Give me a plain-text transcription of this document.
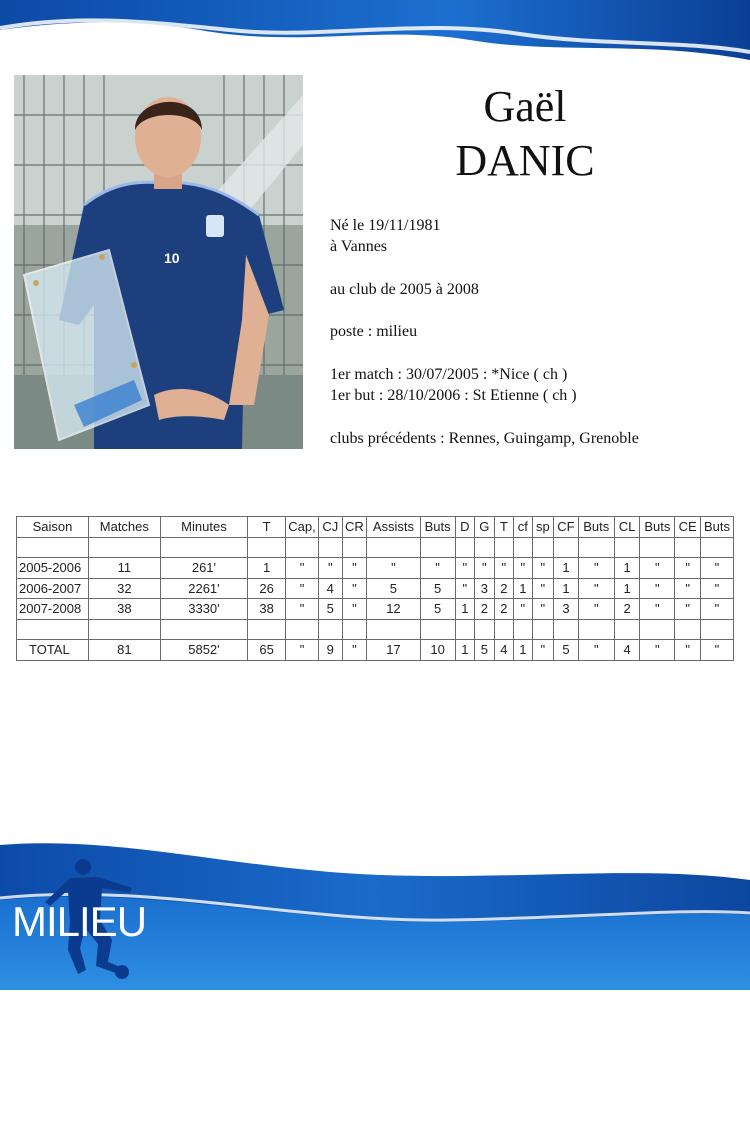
10
Gaël
DANIC
Né le 19/11/1981
à Vannes
au club de 2005 à 2008
poste : milieu
1er match : 30/07/2005 : *Nice ( ch )
1er but : 28/10/2006 : St Etienne ( ch )
clubs précédents : Rennes, Guingamp, Grenoble
Saison	Matches	Minutes	T	Cap,	CJ	CR	Assists	Buts	D	G	T	cf	sp	CF	Buts	CL	Buts	CE	Buts

2005-2006	11	261'	1	"	"	"	"	"	"	"	"	"	"	1	"	1	"	"	"
2006-2007	32	2261'	26	"	4	"	5	5	"	3	2	1	"	1	"	1	"	"	"
2007-2008	38	3330'	38	"	5	"	12	5	1	2	2	"	"	3	"	2	"	"	"

TOTAL	81	5852'	65	"	9	"	17	10	1	5	4	1	"	5	"	4	"	"	"
MILIEU
